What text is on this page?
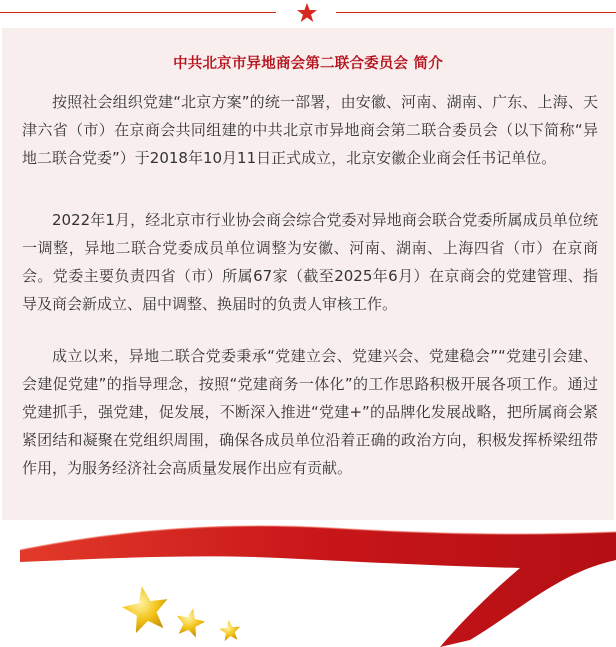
中共北京市异地商会第二联合委员会 简介

按照社会组织党建“北京方案”的统一部署，由安徽、河南、湖南、广东、上海、天津六省（市）在京商会共同组建的中共北京市异地商会第二联合委员会（以下简称“异地二联合党委”）于2018年10月11日正式成立，北京安徽企业商会任书记单位。

2022年1月，经北京市行业协会商会综合党委对异地商会联合党委所属成员单位统一调整，异地二联合党委成员单位调整为安徽、河南、湖南、上海四省（市）在京商会。党委主要负责四省（市）所属67家（截至2025年6月）在京商会的党建管理、指导及商会新成立、届中调整、换届时的负责人审核工作。

成立以来，异地二联合党委秉承“党建立会、党建兴会、党建稳会”“党建引会建、会建促党建”的指导理念，按照“党建商务一体化”的工作思路积极开展各项工作。通过党建抓手，强党建，促发展，不断深入推进“党建+”的品牌化发展战略，把所属商会紧紧团结和凝聚在党组织周围，确保各成员单位沿着正确的政治方向，积极发挥桥梁纽带作用，为服务经济社会高质量发展作出应有贡献。
